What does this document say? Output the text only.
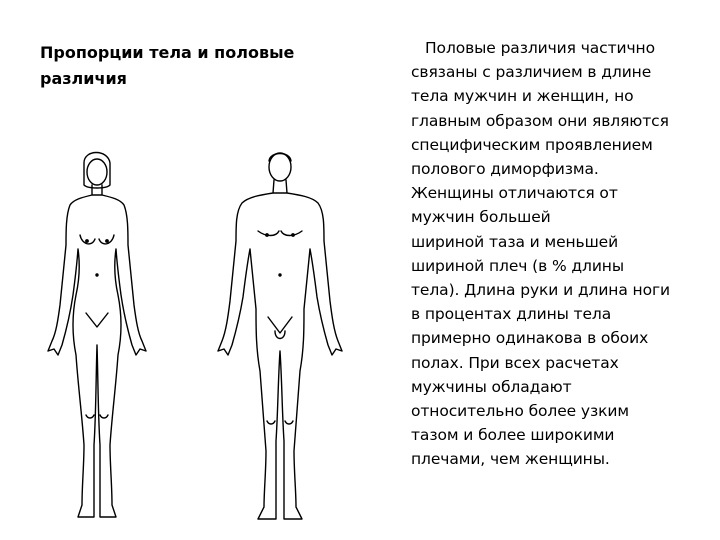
Пропорции тела и половые различия
Половые различия частично
связаны с различием в длине
тела мужчин и женщин, но
главным образом они являются
специфическим проявлением
полового диморфизма.
Женщины отличаются от
мужчин большей
шириной таза и меньшей
шириной плеч (в % длины
тела). Длина руки и длина ноги
в процентах длины тела
примерно одинакова в обоих
полах. При всех расчетах
мужчины обладают
относительно более узким
тазом и более широкими
плечами, чем женщины.
